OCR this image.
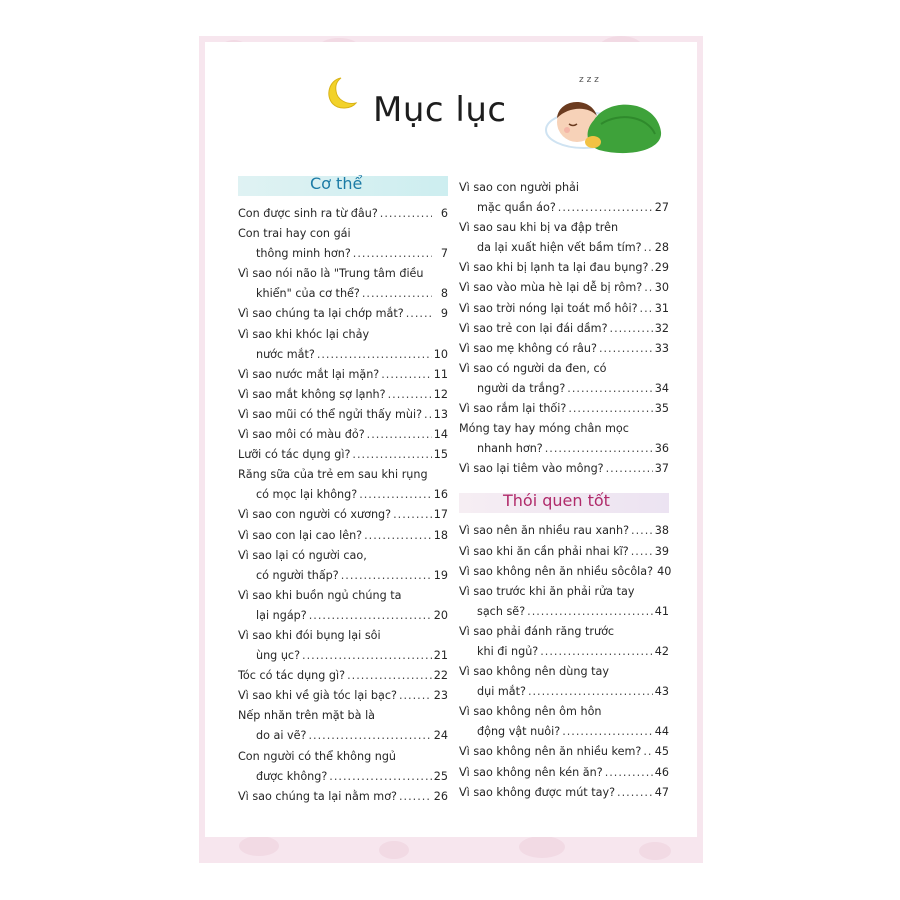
Mục lục
z z z
Cơ thể
Con được sinh ra từ đâu? .....	6
Con trai hay con gái
thông minh hơn? .....	7
Vì sao nói não là "Trung tâm điều
khiển" của cơ thể? .....	8
Vì sao chúng ta lại chớp mắt? .....	9
Vì sao khi khóc lại chảy
nước mắt? .....	10
Vì sao nước mắt lại mặn? .....	11
Vì sao mắt không sợ lạnh? .....	12
Vì sao mũi có thể ngửi thấy mùi? ..... 13
Vì sao môi có màu đỏ? .....	14
Lưỡi có tác dụng gì? .....	15
Răng sữa của trẻ em sau khi rụng
có mọc lại không? .....	16
Vì sao con người có xương? .....	17
Vì sao con lại cao lên? .....	18
Vì sao lại có người cao,
có người thấp? .....	19
Vì sao khi buồn ngủ chúng ta
lại ngáp? .....	20
Vì sao khi đói bụng lại sôi
ùng ục? .....	21
Tóc có tác dụng gì? .....	22
Vì sao khi về già tóc lại bạc? .....	23
Nếp nhăn trên mặt bà là
do ai vẽ? .....	24
Con người có thể không ngủ
được không? .....	25
Vì sao chúng ta lại nằm mơ? .....	26
Vì sao con người phải
mặc quần áo? .....	27
Vì sao sau khi bị va đập trên
da lại xuất hiện vết bầm tím? ..... 28
Vì sao khi bị lạnh ta lại đau bụng? ..... 29
Vì sao vào mùa hè lại dễ bị rôm? ..... 30
Vì sao trời nóng lại toát mồ hôi? ..... 31
Vì sao trẻ con lại đái dầm? .....	32
Vì sao mẹ không có râu? .....	33
Vì sao có người da đen, có
người da trắng? .....	34
Vì sao rắm lại thối? .....	35
Móng tay hay móng chân mọc
nhanh hơn? .....	36
Vì sao lại tiêm vào mông? .....	37
Thói quen tốt
Vì sao nên ăn nhiều rau xanh? ..... 38
Vì sao khi ăn cần phải nhai kĩ? ..... 39
Vì sao không nên ăn nhiều sôcôla? 40
Vì sao trước khi ăn phải rửa tay
sạch sẽ? .....	41
Vì sao phải đánh răng trước
khi đi ngủ? .....	42
Vì sao không nên dùng tay
dụi mắt? .....	43
Vì sao không nên ôm hôn
động vật nuôi? .....	44
Vì sao không nên ăn nhiều kem? ..... 45
Vì sao không nên kén ăn? .....	46
Vì sao không được mút tay? .....	47
